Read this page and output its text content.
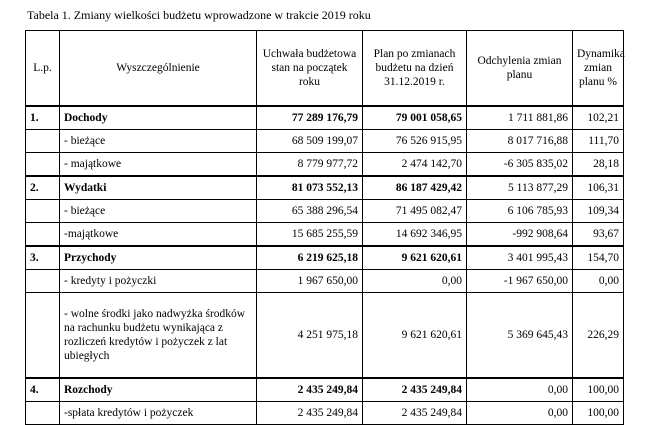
Tabela 1. Zmiany wielkości budżetu wprowadzone w trakcie 2019 roku
L.p.	Wyszczególnienie	Uchwała budżetowa stan na początek roku	Plan po zmianach budżetu na dzień 31.12.2019 r.	Odchylenia zmian planu	Dynamika zmian planu %
1.	Dochody	77 289 176,79	79 001 058,65	1 711 881,86	102,21
	- bieżące	68 509 199,07	76 526 915,95	8 017 716,88	111,70
	- majątkowe	8 779 977,72	2 474 142,70	-6 305 835,02	28,18
2.	Wydatki	81 073 552,13	86 187 429,42	5 113 877,29	106,31
	- bieżące	65 388 296,54	71 495 082,47	6 106 785,93	109,34
	-majątkowe	15 685 255,59	14 692 346,95	-992 908,64	93,67
3.	Przychody	6 219 625,18	9 621 620,61	3 401 995,43	154,70
	- kredyty i pożyczki	1 967 650,00	0,00	-1 967 650,00	0,00
	- wolne środki jako nadwyżka środków na rachunku budżetu wynikająca z rozliczeń kredytów i pożyczek z lat ubiegłych	4 251 975,18	9 621 620,61	5 369 645,43	226,29
4.	Rozchody	2 435 249,84	2 435 249,84	0,00	100,00
	-spłata kredytów i pożyczek	2 435 249,84	2 435 249,84	0,00	100,00
